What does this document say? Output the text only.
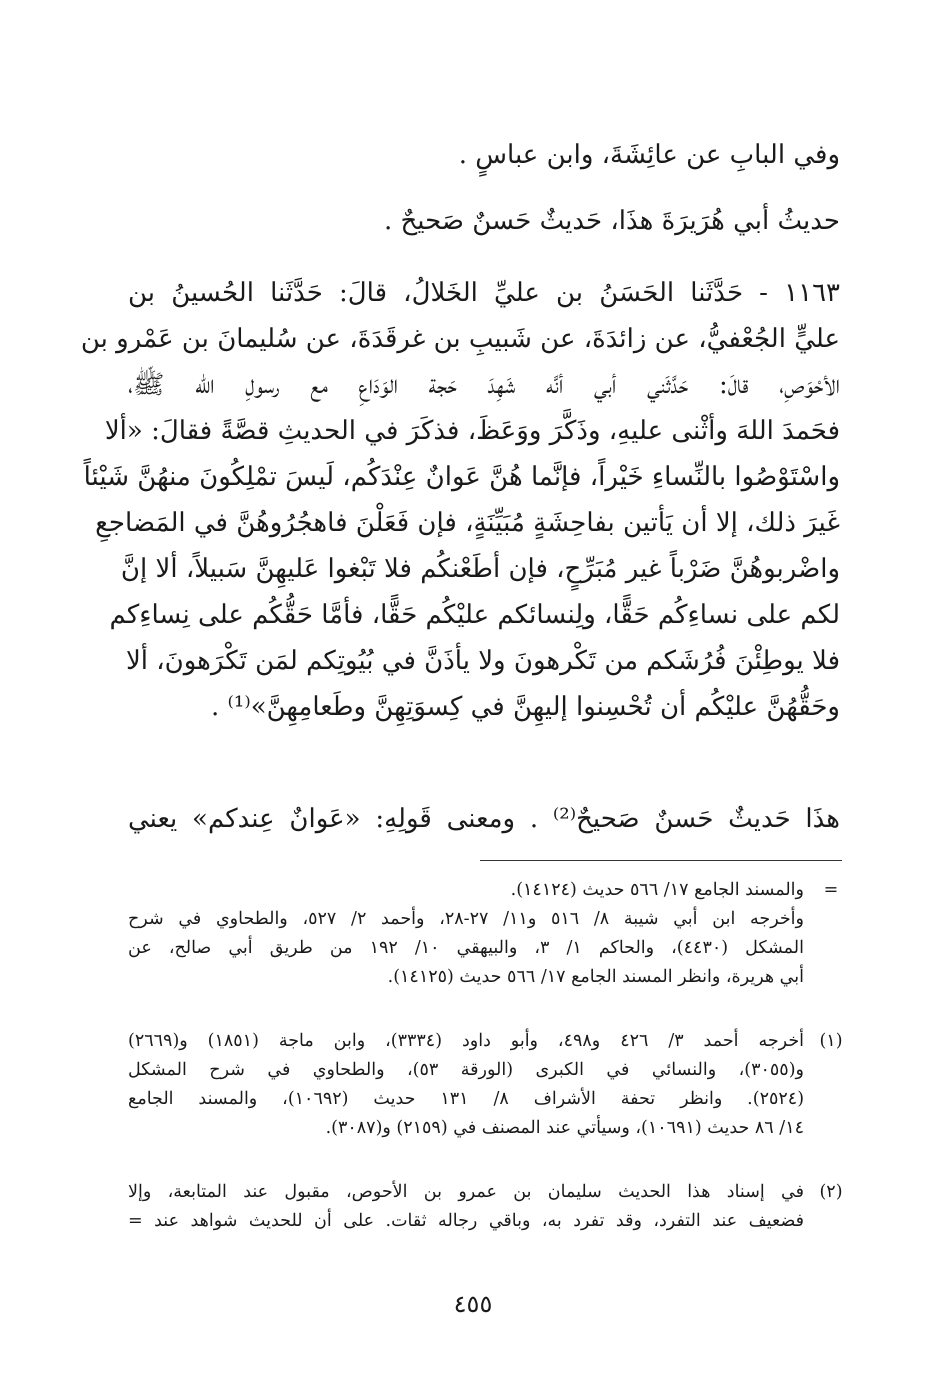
وفي البابِ عن عائِشَةَ، وابن عباسٍ .
حديثُ أبي هُرَيرَةَ هذَا، حَديثٌ حَسنٌ صَحيحٌ .
١١٦٣ - حَدَّثَنا الحَسَنُ بن عليِّ الخَلالُ، قالَ: حَدَّثَنا الحُسينُ بن
عليٍّ الجُعْفيُّ، عن زائدَةَ، عن شَبيبِ بن غرقَدَةَ، عن سُليمانَ بن عَمْرو بن
الأحْوَصِ، قالَ: حَدَّثَني أبي أنَّه شَهِدَ حَجة الوَدَاعِ مع رسولِ الله ﷺ،
فحَمدَ اللهَ وأثْنى عليهِ، وذَكَّرَ ووَعَظَ، فذكَرَ في الحديثِ قصَّةً فقالَ: «ألا
واسْتَوْصُوا بالنِّساءِ خَيْراً، فإنَّما هُنَّ عَوانٌ عِنْدَكُم، لَيسَ تمْلِكُونَ منهُنَّ شَيْئاً
غَيرَ ذلك، إلا أن يَأتين بفاحِشَةٍ مُبَيِّنَةٍ، فإن فَعَلْنَ فاهجُرُوهُنَّ في المَضاجعِ
واضْربوهُنَّ ضَرْباً غير مُبَرِّحٍ، فإن أطَعْنكُم فلا تَبْغوا عَليهِنَّ سَبيلاً، ألا إنَّ
لكم على نساءِكُم حَقًّا، ولِنسائكم عليْكُم حَقًّا، فأمَّا حَقُّكُم على نِساءِكم
فلا يوطِئْنَ فُرُشَكم من تَكْرهونَ ولا يأذَنَّ في بُيُوتِكم لمَن تَكْرَهونَ، ألا
وحَقُّهُنَّ عليْكُم أن تُحْسِنوا إليهِنَّ في كِسوَتِهِنَّ وطَعامِهِنَّ»⁽¹⁾ .
هذَا حَديثٌ حَسنٌ صَحيحٌ⁽²⁾ . ومعنى قَولِهِ: «عَوانٌ عِندكم» يعني
=
والمسند الجامع ١٧/ ٥٦٦ حديث (١٤١٢٤).
وأخرجه ابن أبي شيبة ٨/ ٥١٦ و١١/ ٢٧-٢٨، وأحمد ٢/ ٥٢٧، والطحاوي في شرح
المشكل (٤٤٣٠)، والحاكم ١/ ٣، والبيهقي ١٠/ ١٩٢ من طريق أبي صالح، عن
أبي هريرة، وانظر المسند الجامع ١٧/ ٥٦٦ حديث (١٤١٢٥).
(١)
أخرجه أحمد ٣/ ٤٢٦ و٤٩٨، وأبو داود (٣٣٣٤)، وابن ماجة (١٨٥١) و(٢٦٦٩)
و(٣٠٥٥)، والنسائي في الكبرى (الورقة ٥٣)، والطحاوي في شرح المشكل
(٢٥٢٤). وانظر تحفة الأشراف ٨/ ١٣١ حديث (١٠٦٩٢)، والمسند الجامع
١٤/ ٨٦ حديث (١٠٦٩١)، وسيأتي عند المصنف في (٢١٥٩) و(٣٠٨٧).
(٢)
في إسناد هذا الحديث سليمان بن عمرو بن الأحوص، مقبول عند المتابعة، وإلا
فضعيف عند التفرد، وقد تفرد به، وباقي رجاله ثقات. على أن للحديث شواهد عند =
٤٥٥
